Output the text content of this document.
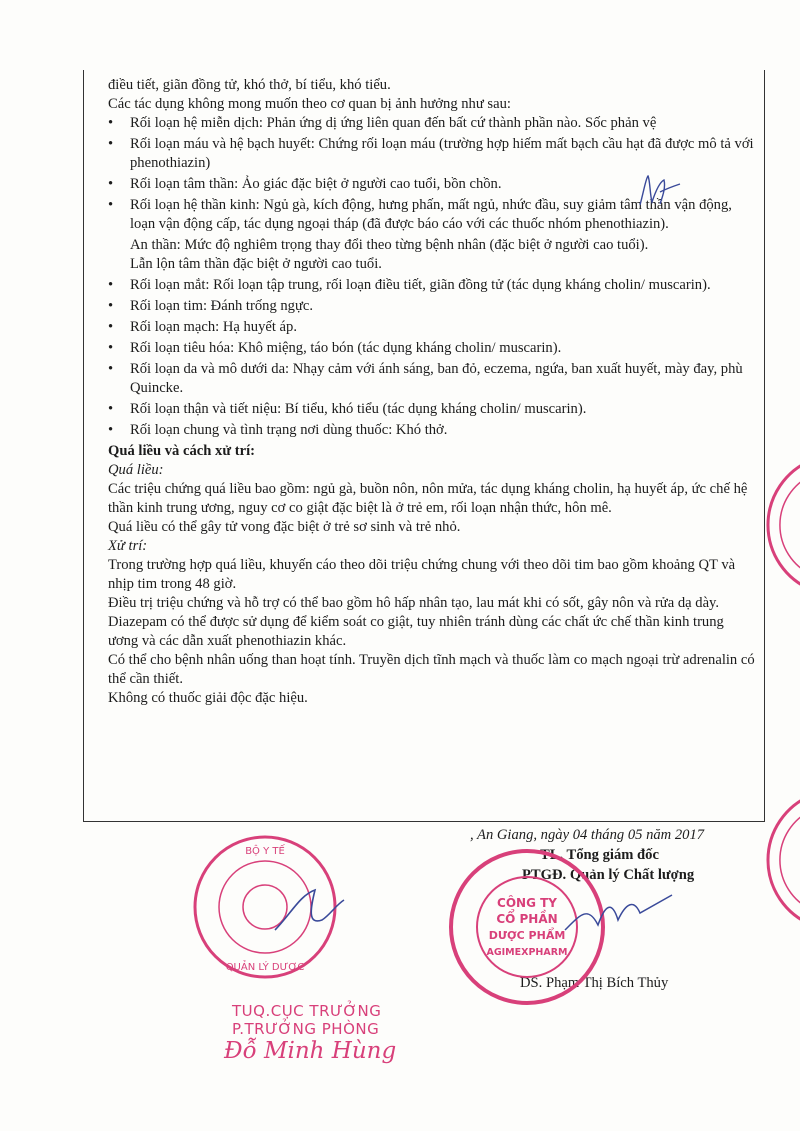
điều tiết, giãn đồng tử, khó thở, bí tiểu, khó tiểu.

Các tác dụng không mong muốn theo cơ quan bị ảnh hưởng như sau:

• Rối loạn hệ miễn dịch: Phản ứng dị ứng liên quan đến bất cứ thành phần nào. Sốc phản vệ
• Rối loạn máu và hệ bạch huyết: Chứng rối loạn máu (trường hợp hiếm mất bạch cầu hạt đã được mô tả với phenothiazin)
• Rối loạn tâm thần: Ảo giác đặc biệt ở người cao tuổi, bồn chồn.
• Rối loạn hệ thần kinh: Ngủ gà, kích động, hưng phấn, mất ngủ, nhức đầu, suy giảm tâm thần vận động, loạn vận động cấp, tác dụng ngoại tháp (đã được báo cáo với các thuốc nhóm phenothiazin).

An thần: Mức độ nghiêm trọng thay đổi theo từng bệnh nhân (đặc biệt ở người cao tuổi).

Lẫn lộn tâm thần đặc biệt ở người cao tuổi.

• Rối loạn mắt: Rối loạn tập trung, rối loạn điều tiết, giãn đồng tử (tác dụng kháng cholin/ muscarin).
• Rối loạn tim: Đánh trống ngực.
• Rối loạn mạch: Hạ huyết áp.
• Rối loạn tiêu hóa: Khô miệng, táo bón (tác dụng kháng cholin/ muscarin).
• Rối loạn da và mô dưới da: Nhạy cảm với ánh sáng, ban đỏ, eczema, ngứa, ban xuất huyết, mày đay, phù Quincke.
• Rối loạn thận và tiết niệu: Bí tiểu, khó tiểu (tác dụng kháng cholin/ muscarin).
• Rối loạn chung và tình trạng nơi dùng thuốc: Khó thở.

Quá liều và cách xử trí:

Quá liều:

Các triệu chứng quá liều bao gồm: ngủ gà, buồn nôn, nôn mửa, tác dụng kháng cholin, hạ huyết áp, ức chế hệ thần kinh trung ương, nguy cơ co giật đặc biệt là ở trẻ em, rối loạn nhận thức, hôn mê.

Quá liều có thể gây tử vong đặc biệt ở trẻ sơ sinh và trẻ nhỏ.

Xử trí:

Trong trường hợp quá liều, khuyến cáo theo dõi triệu chứng chung với theo dõi tim bao gồm khoảng QT và nhịp tim trong 48 giờ.

Điều trị triệu chứng và hỗ trợ có thể bao gồm hô hấp nhân tạo, lau mát khi có sốt, gây nôn và rửa dạ dày.

Diazepam có thể được sử dụng để kiểm soát co giật, tuy nhiên tránh dùng các chất ức chế thần kinh trung ương và các dẫn xuất phenothiazin khác.

Có thể cho bệnh nhân uống than hoạt tính. Truyền dịch tĩnh mạch và thuốc làm co mạch ngoại trừ adrenalin có thể cần thiết.

Không có thuốc giải độc đặc hiệu.

, An Giang, ngày 04 tháng 05 năm 2017
TL. Tổng giám đốc
PTGĐ. Quản lý Chất lượng
DS. Phạm Thị Bích Thủy
CÔNG TY
CỔ PHẦN
DƯỢC PHẨM
AGIMEXPHARM
BỘ Y TẾ
QUẢN LÝ DƯỢC
TUQ.CỤC TRƯỞNG
P.TRƯỞNG PHÒNG
Đỗ Minh Hùng
